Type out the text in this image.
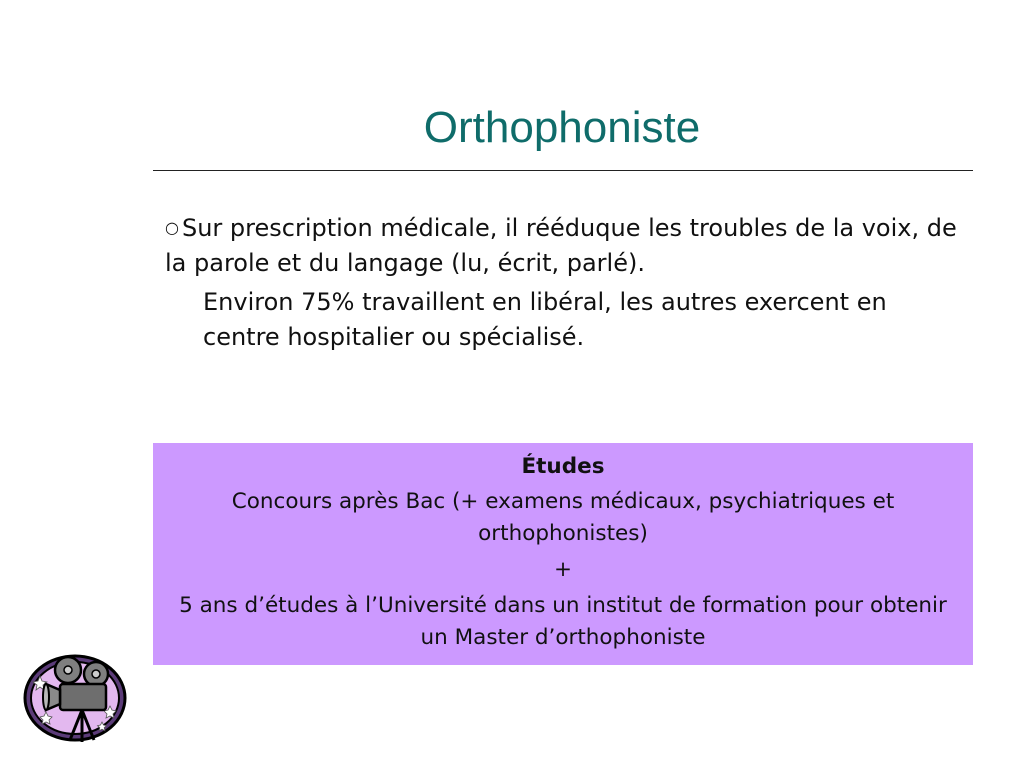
Orthophoniste
○ Sur prescription médicale, il rééduque les troubles de la voix, de la parole et du langage (lu, écrit, parlé).
Environ 75% travaillent en libéral, les autres exercent en centre hospitalier ou spécialisé.

Études

Concours après Bac (+ examens médicaux, psychiatriques et orthophonistes)

+

5 ans d’études à l’Université dans un institut de formation pour obtenir un Master d’orthophoniste
